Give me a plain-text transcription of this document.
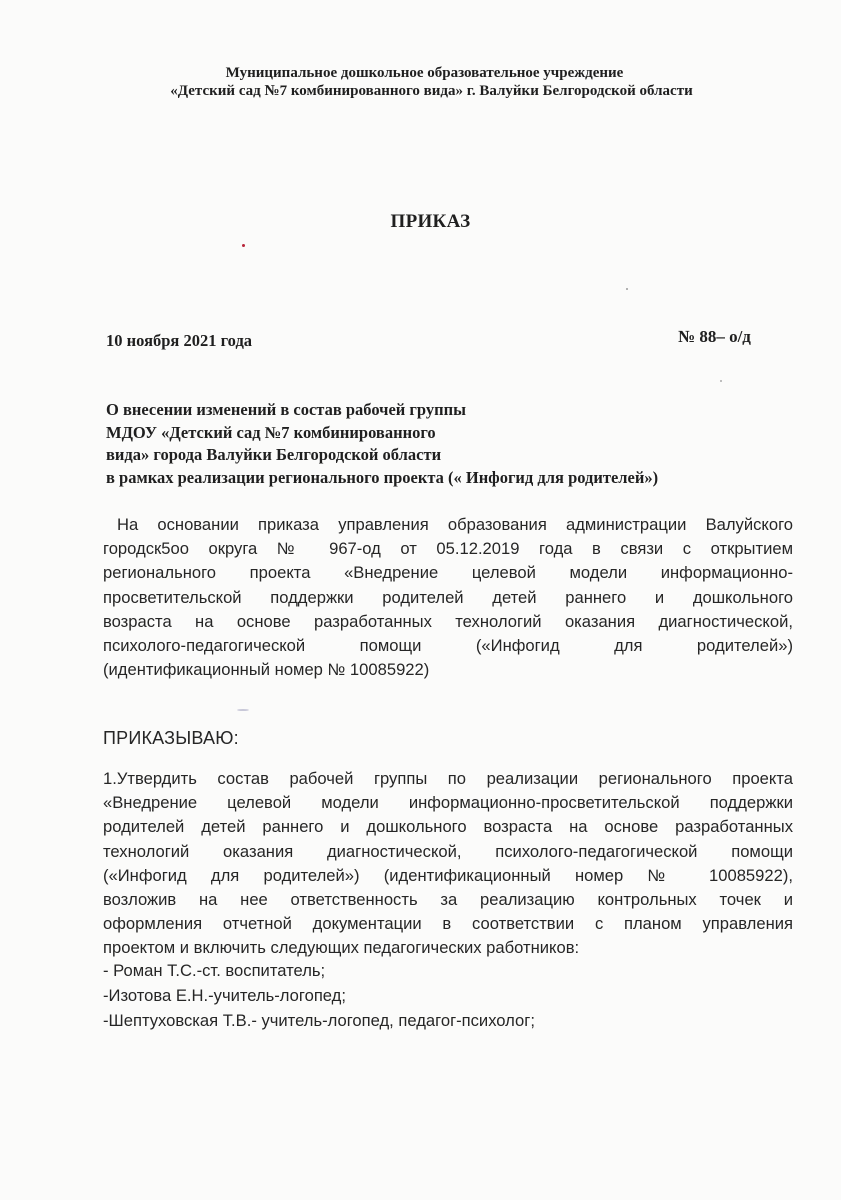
Муниципальное дошкольное образовательное учреждение
«Детский сад №7 комбинированного вида» г. Валуйки Белгородской области
ПРИКАЗ
10 ноября 2021 года	№ 88– о/д
О внесении изменений в состав рабочей группы
МДОУ «Детский сад №7 комбинированного
вида» города Валуйки Белгородской области
в рамках реализации регионального проекта (« Инфогид для родителей»)
На основании приказа управления образования администрации Валуйского
городск5оо округа № 967-од от 05.12.2019 года в связи с открытием
регионального проекта «Внедрение целевой модели информационно-
просветительской поддержки родителей детей раннего и дошкольного
возраста на основе разработанных технологий оказания диагностической,
психолого-педагогической помощи («Инфогид для родителей»)
(идентификационный номер № 10085922)
ПРИКАЗЫВАЮ:
1.Утвердить состав рабочей группы по реализации регионального проекта
«Внедрение целевой модели информационно-просветительской поддержки
родителей детей раннего и дошкольного возраста на основе разработанных
технологий оказания диагностической, психолого-педагогической помощи
(«Инфогид для родителей») (идентификационный номер № 10085922),
возложив на нее ответственность за реализацию контрольных точек и
оформления отчетной документации в соответствии с планом управления
проектом и включить следующих педагогических работников:
- Роман Т.С.-ст. воспитатель;
-Изотова Е.Н.-учитель-логопед;
-Шептуховская Т.В.- учитель-логопед, педагог-психолог;
